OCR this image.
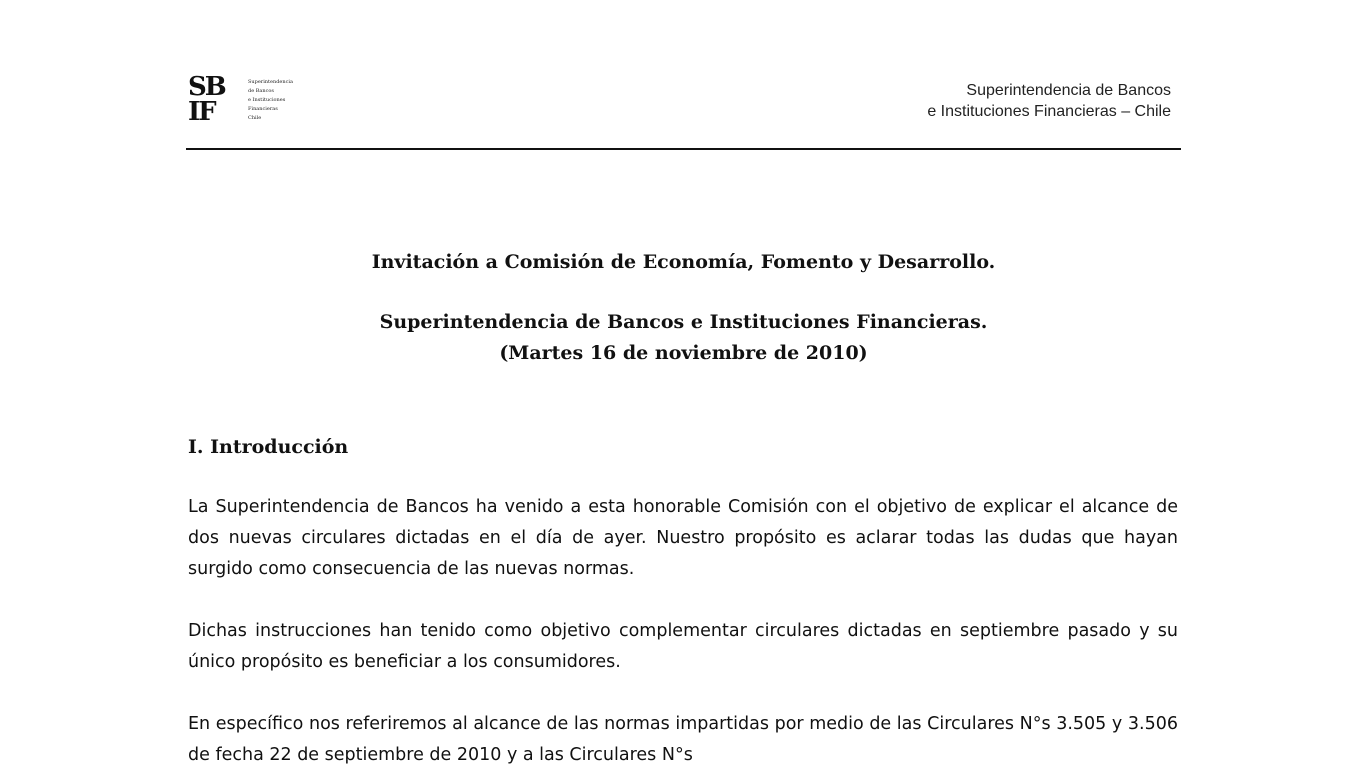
SB
IF
Superintendencia
de Bancos
e Instituciones
Financieras
Chile
Superintendencia de Bancos
e Instituciones Financieras – Chile
Invitación a Comisión de Economía, Fomento y Desarrollo.
Superintendencia de Bancos e Instituciones Financieras.
(Martes 16 de noviembre de 2010)
I. Introducción

La Superintendencia de Bancos ha venido a esta honorable Comisión con el objetivo de explicar el alcance de dos nuevas circulares dictadas en el día de ayer. Nuestro propósito es aclarar todas las dudas que hayan surgido como consecuencia de las nuevas normas.

Dichas instrucciones han tenido como objetivo complementar circulares dictadas en septiembre pasado y su único propósito es beneficiar a los consumidores.

En específico nos referiremos al alcance de las normas impartidas por medio de las Circulares N°s 3.505 y 3.506 de fecha 22 de septiembre de 2010 y a las Circulares N°s
